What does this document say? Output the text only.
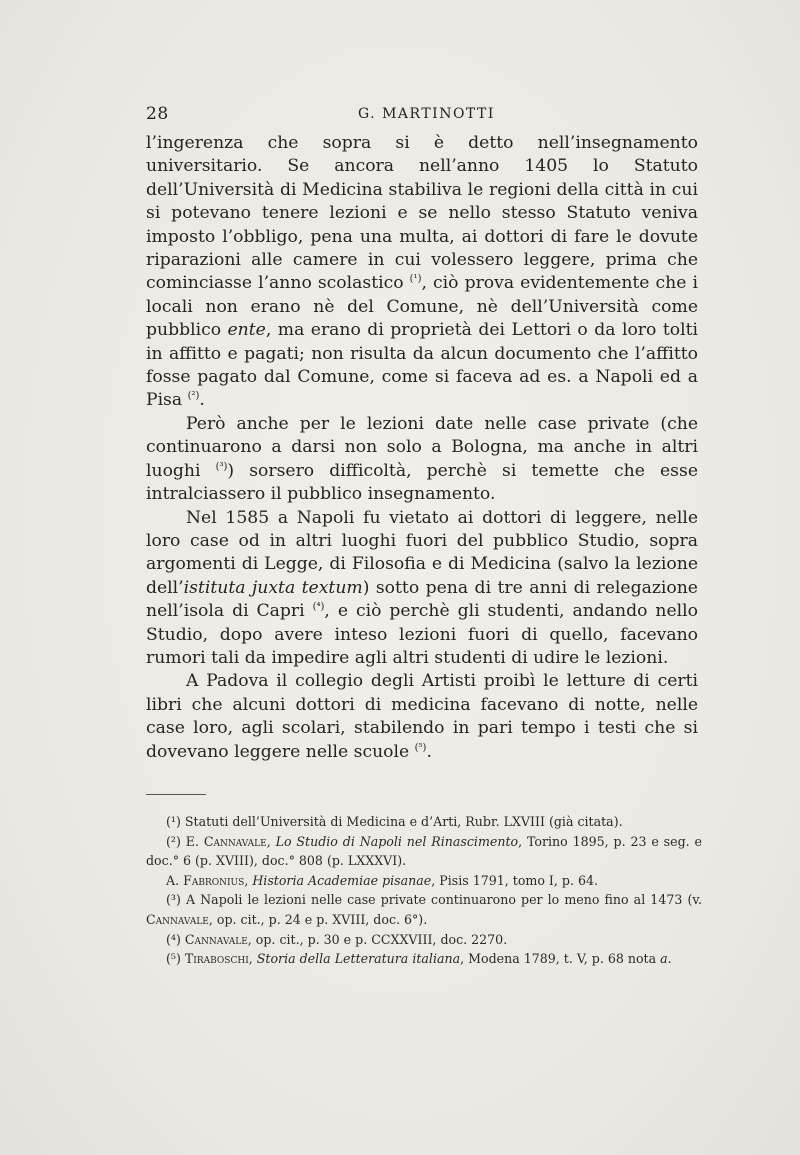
28	G. MARTINOTTI

l’ingerenza che sopra si è detto nell’insegnamento universitario. Se ancora nell’anno 1405 lo Statuto dell’Università di Medicina stabiliva le regioni della città in cui si potevano tenere lezioni e se nello stesso Statuto veniva imposto l’obbligo, pena una multa, ai dottori di fare le dovute riparazioni alle camere in cui volessero leggere, prima che cominciasse l’anno scolastico $^{(^1)}$, ciò prova evidentemente che i locali non erano nè del Comune, nè dell’Università come pubblico ente, ma erano di proprietà dei Lettori o da loro tolti in affitto e pagati; non risulta da alcun documento che l’affitto fosse pagato dal Comune, come si faceva ad es. a Napoli ed a Pisa $^{(^2)}$.

Però anche per le lezioni date nelle case private (che continuarono a darsi non solo a Bologna, ma anche in altri luoghi $^{(^3)}$) sorsero difficoltà, perchè si temette che esse intralciassero il pubblico insegnamento.

Nel 1585 a Napoli fu vietato ai dottori di leggere, nelle loro case od in altri luoghi fuori del pubblico Studio, sopra argomenti di Legge, di Filosofia e di Medicina (salvo la lezione dell’istituta juxta textum) sotto pena di tre anni di relegazione nell’isola di Capri $^{(^4)}$, e ciò perchè gli studenti, andando nello Studio, dopo avere inteso lezioni fuori di quello, facevano rumori tali da impedire agli altri studenti di udire le lezioni.

A Padova il collegio degli Artisti proibì le letture di certi libri che alcuni dottori di medicina facevano di notte, nelle case loro, agli scolari, stabilendo in pari tempo i testi che si dovevano leggere nelle scuole $^{(^5)}$.

(¹) Statuti dell’Università di Medicina e d’Arti, Rubr. LXVIII (già citata).

(²) E. Cannavale, Lo Studio di Napoli nel Rinascimento, Torino 1895, p. 23 e seg. e doc.° 6 (p. XVIII), doc.° 808 (p. LXXXVI).

A. Fabronius, Historia Academiae pisanae, Pisis 1791, tomo I, p. 64.

(³) A Napoli le lezioni nelle case private continuarono per lo meno fino al 1473 (v. Cannavale, op. cit., p. 24 e p. XVIII, doc. 6°).

(⁴) Cannavale, op. cit., p. 30 e p. CCXXVIII, doc. 2270.

(⁵) Tiraboschi, Storia della Letteratura italiana, Modena 1789, t. V, p. 68 nota a.
